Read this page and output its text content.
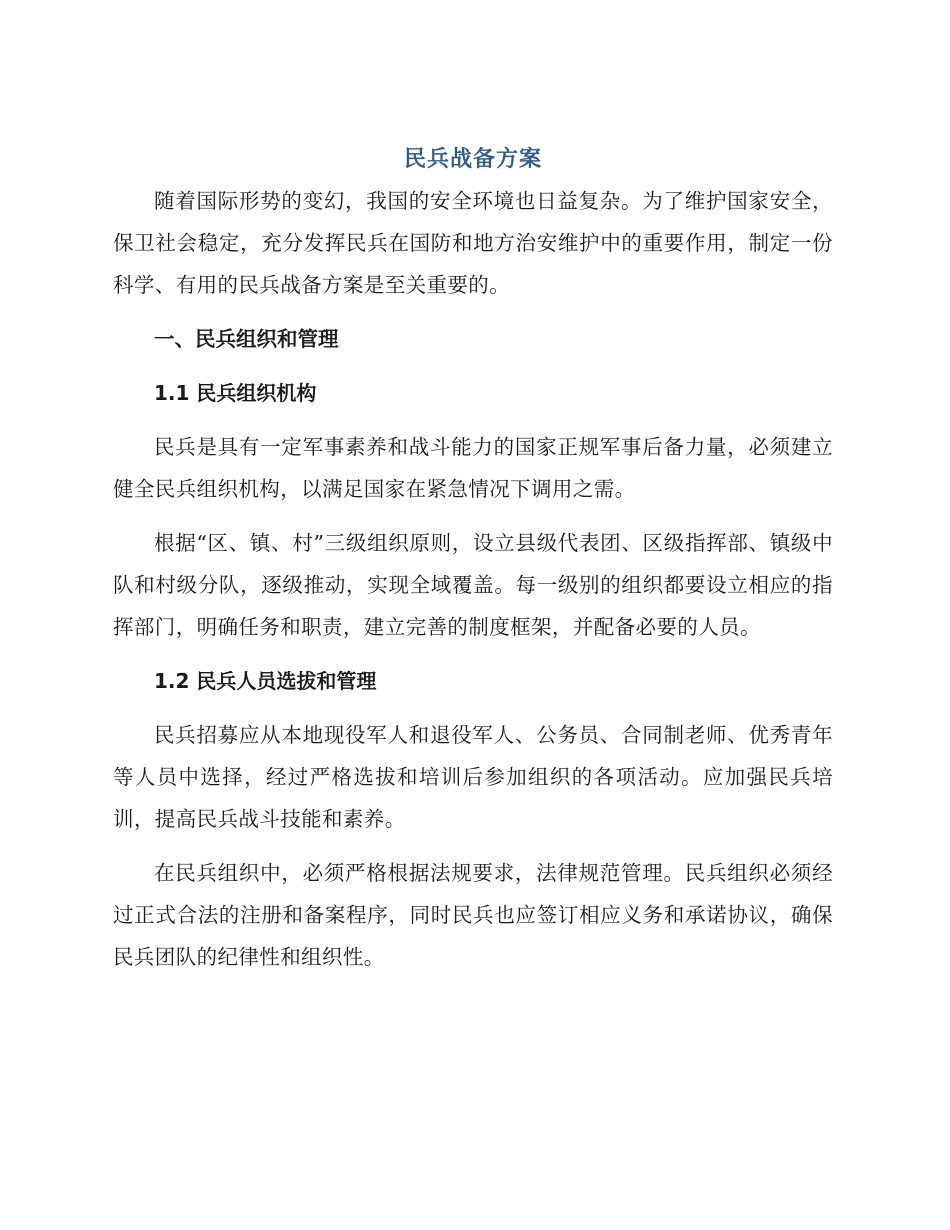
民兵战备方案

随着国际形势的变幻，我国的安全环境也日益复杂。为了维护国家安全，保卫社会稳定，充分发挥民兵在国防和地方治安维护中的重要作用，制定一份科学、有用的民兵战备方案是至关重要的。

一、民兵组织和管理
1.1 民兵组织机构

民兵是具有一定军事素养和战斗能力的国家正规军事后备力量，必须建立健全民兵组织机构，以满足国家在紧急情况下调用之需。

根据“区、镇、村”三级组织原则，设立县级代表团、区级指挥部、镇级中队和村级分队，逐级推动，实现全域覆盖。每一级别的组织都要设立相应的指挥部门，明确任务和职责，建立完善的制度框架，并配备必要的人员。

1.2 民兵人员选拔和管理

民兵招募应从本地现役军人和退役军人、公务员、合同制老师、优秀青年等人员中选择，经过严格选拔和培训后参加组织的各项活动。应加强民兵培训，提高民兵战斗技能和素养。

在民兵组织中，必须严格根据法规要求，法律规范管理。民兵组织必须经过正式合法的注册和备案程序，同时民兵也应签订相应义务和承诺协议，确保民兵团队的纪律性和组织性。
